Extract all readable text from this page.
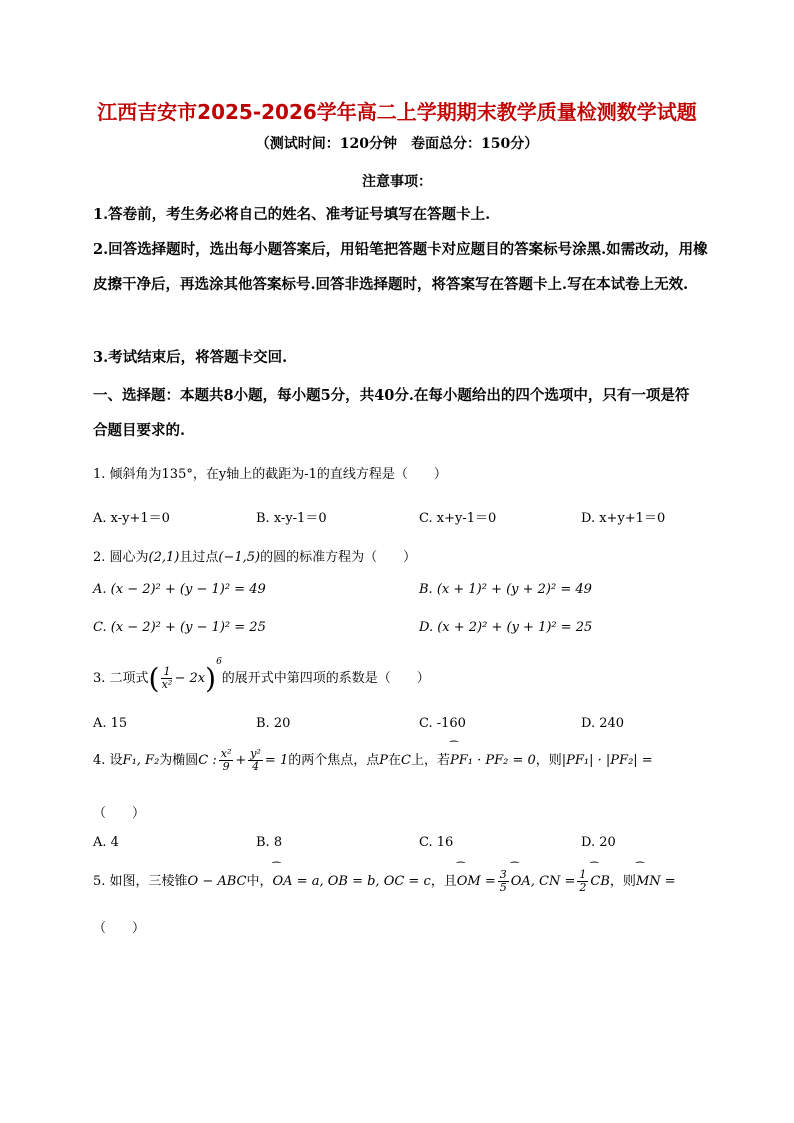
江西吉安市2025-2026学年高二上学期期末教学质量检测数学试题
（测试时间：120分钟　卷面总分：150分）
注意事项：
1.答卷前，考生务必将自己的姓名、准考证号填写在答题卡上.
2.回答选择题时，选出每小题答案后，用铅笔把答题卡对应题目的答案标号涂黑.如需改动，用橡皮擦干净后，再选涂其他答案标号.回答非选择题时，将答案写在答题卡上.写在本试卷上无效.
3.考试结束后，将答题卡交回.
一、选择题：本题共8小题，每小题5分，共40分.在每小题给出的四个选项中，只有一项是符合题目要求的.
1. 倾斜角为135°，在y轴上的截距为-1的直线方程是（　　）
A. x-y+1＝0	B. x-y-1＝0	C. x+y-1＝0	D. x+y+1＝0
2. 圆心为(2,1)且过点(−1,5)的圆的标准方程为（　　）
A. (x − 2)² + (y − 1)² = 49	B. (x + 1)² + (y + 2)² = 49
C. (x − 2)² + (y − 1)² = 25	D. (x + 2)² + (y + 1)² = 25
3. 二项式( $\frac{1}{\text{x²}} - 2x)^6$的展开式中第四项的系数是（　　）
A. 15	B. 20	C. -160	D. 240
4. 设F₁, F₂为椭圆C : $\frac{\text{x²}}{9} + \frac{\text{y²}}{4} = 1$的两个焦点，点P在C上，若⁀ PF₁ · PF₂ = 0，则|PF₁| · |PF₂| =
（　　）
A. 4	B. 8	C. 16	D. 20
5. 如图，三棱锥O − ABC中，⁀ OA = a, OB = b, OC = c，且⁀ OM = $\frac{3}{5}$ ⁀ OA, CN = $\frac{1}{2}$ ⁀ CB，则⁀ MN =
（　　）
